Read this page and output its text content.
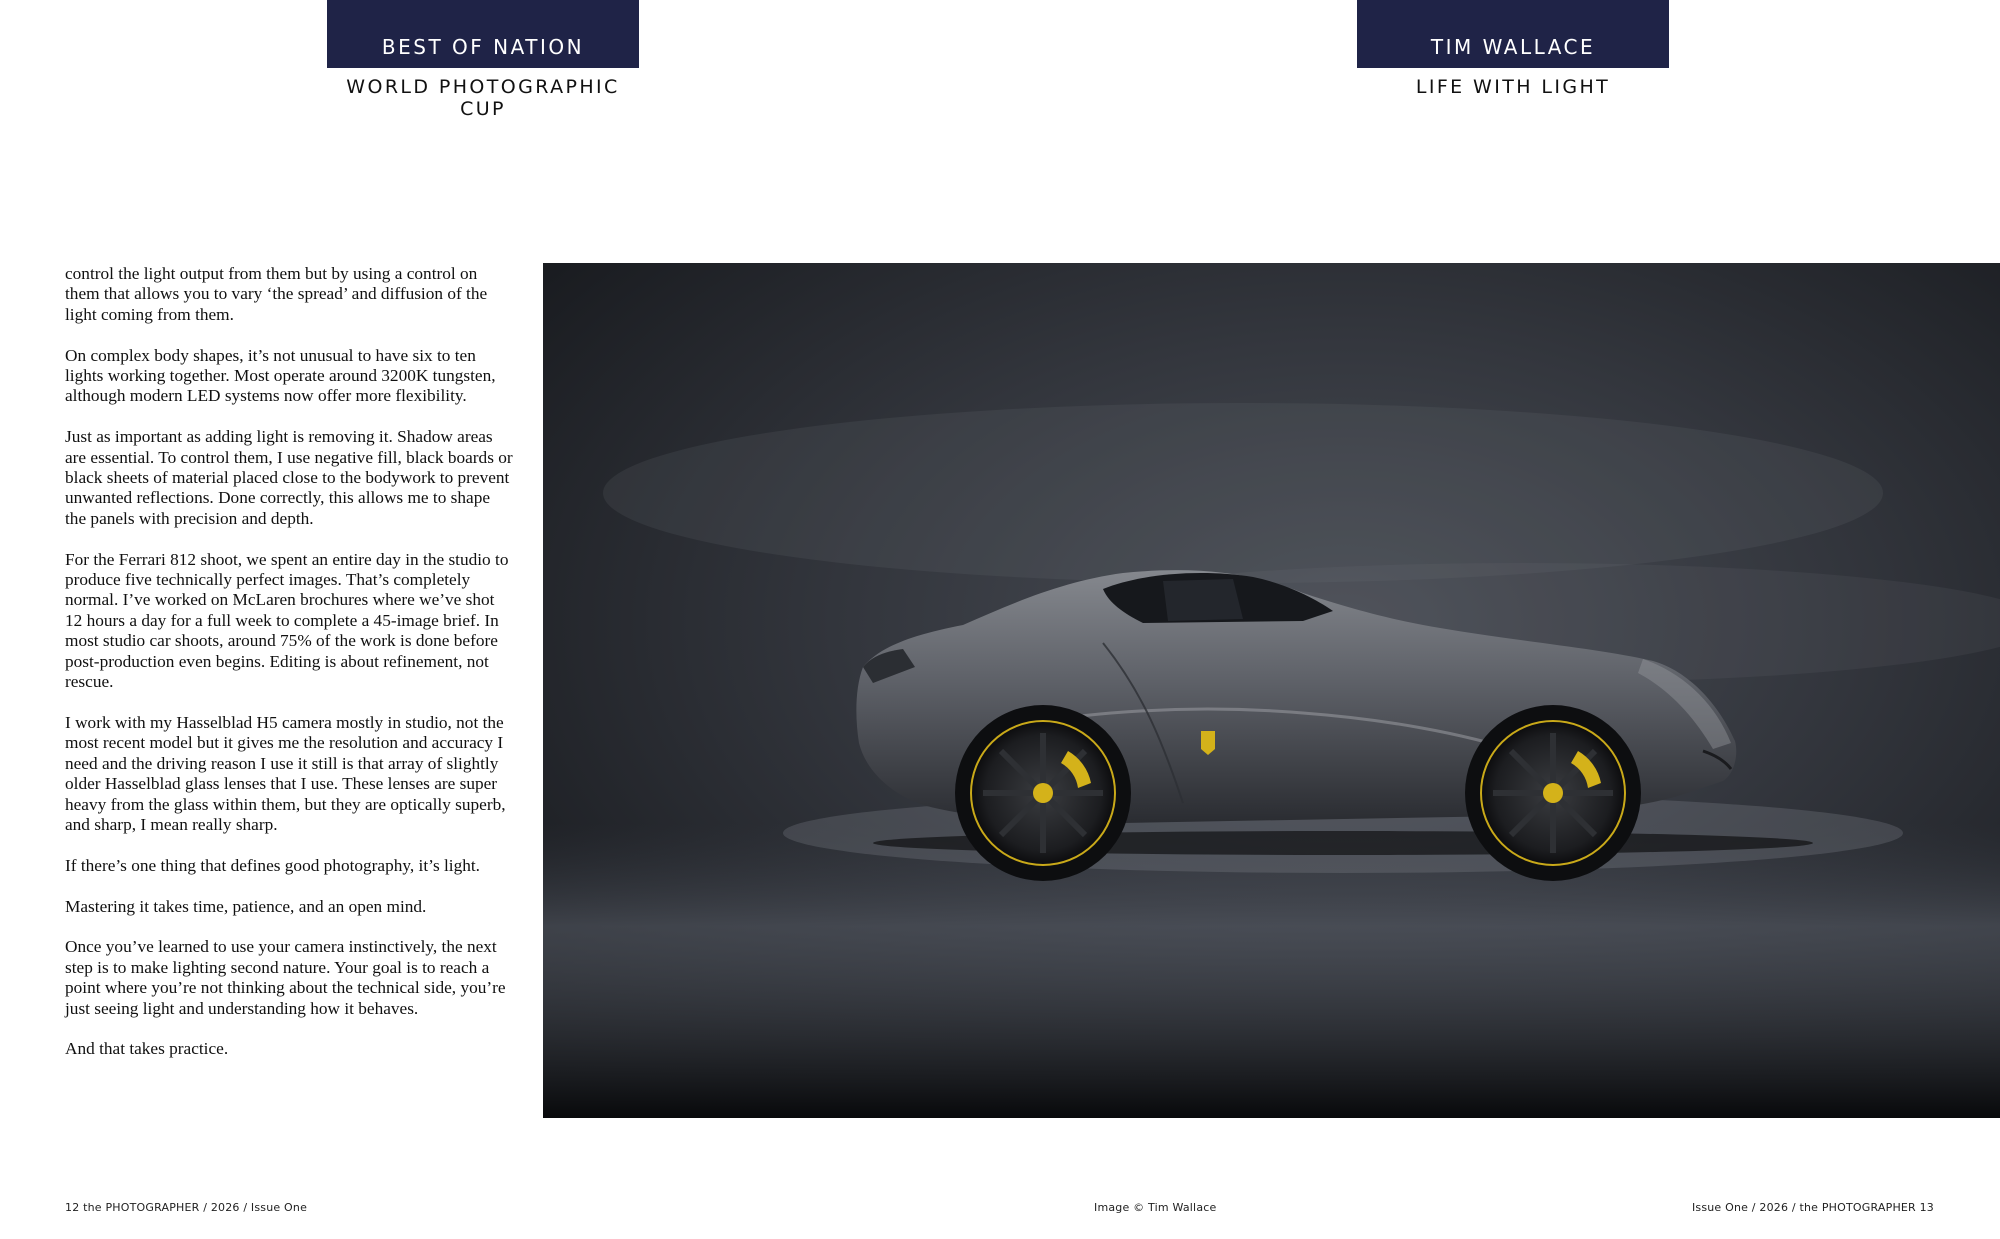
BEST OF NATION
WORLD PHOTOGRAPHIC CUP
TIM WALLACE
LIFE WITH LIGHT

control the light output from them but by using a control on them that allows you to vary ‘the spread’ and diffusion of the light coming from them.

On complex body shapes, it’s not unusual to have six to ten lights working together. Most operate around 3200K tungsten, although modern LED systems now offer more flexibility.

Just as important as adding light is removing it. Shadow areas are essential. To control them, I use negative fill, black boards or black sheets of material placed close to the bodywork to prevent unwanted reflections. Done correctly, this allows me to shape the panels with precision and depth.

For the Ferrari 812 shoot, we spent an entire day in the studio to produce five technically perfect images. That’s completely normal. I’ve worked on McLaren brochures where we’ve shot 12 hours a day for a full week to complete a 45-image brief. In most studio car shoots, around 75% of the work is done before post-production even begins. Editing is about refinement, not rescue.

I work with my Hasselblad H5 camera mostly in studio, not the most recent model but it gives me the resolution and accuracy I need and the driving reason I use it still is that array of slightly older Hasselblad glass lenses that I use. These lenses are super heavy from the glass within them, but they are optically superb, and sharp, I mean really sharp.

If there’s one thing that defines good photography, it’s light.

Mastering it takes time, patience, and an open mind.

Once you’ve learned to use your camera instinctively, the next step is to make lighting second nature. Your goal is to reach a point where you’re not thinking about the technical side, you’re just seeing light and understanding how it behaves.

And that takes practice.

12 the PHOTOGRAPHER / 2026 / Issue One	Image © Tim Wallace	Issue One / 2026 / the PHOTOGRAPHER 13
